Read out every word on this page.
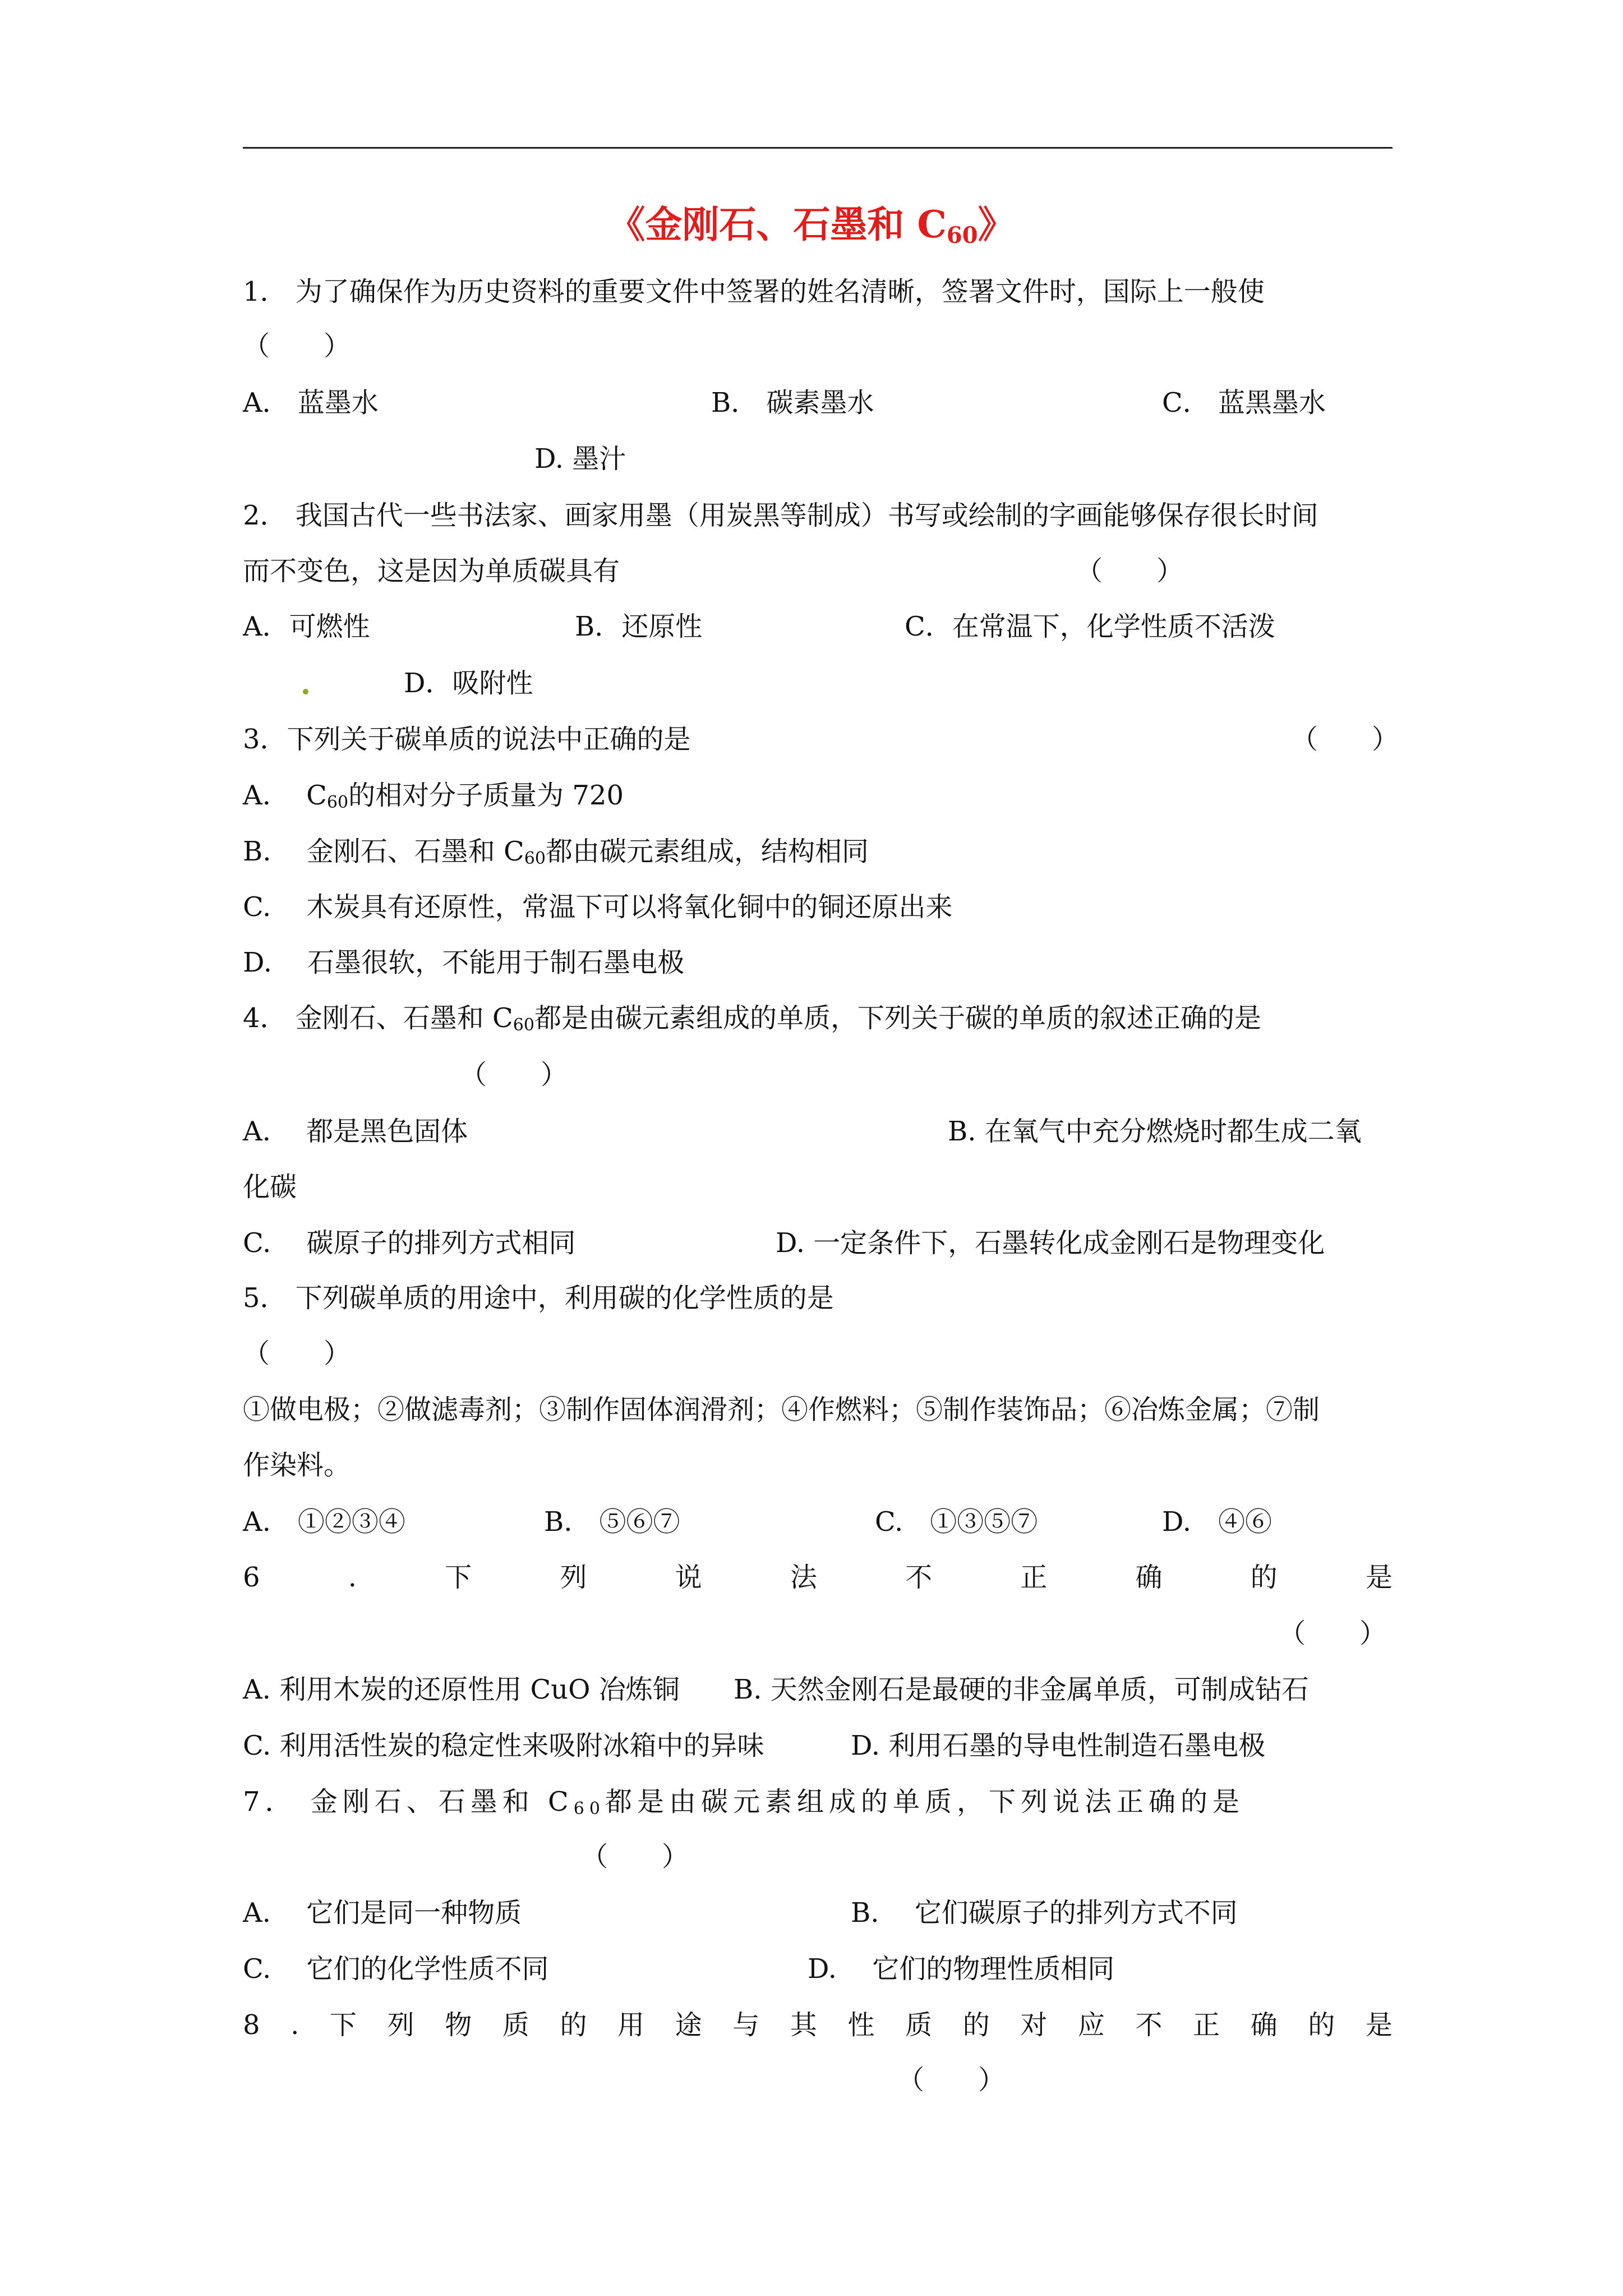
《金刚石、石墨和 $C_{60}$》
1． 为了确保作为历史资料的重要文件中签署的姓名清晰，签署文件时，国际上一般使
（　　）
A． 蓝墨水	B． 碳素墨水	C． 蓝黑墨水
D. 墨汁
2． 我国古代一些书法家、画家用墨（用炭黑等制成）书写或绘制的字画能够保存很长时间
而不变色，这是因为单质碳具有	（　　）
A．可燃性	B．还原性	C．在常温下，化学性质不活泼
D．吸附性
3．下列关于碳单质的说法中正确的是	（　　）
A.　 $C_{60}$的相对分子质量为 720
B.　 金刚石、石墨和 $C_{60}$都由碳元素组成，结构相同
C.　 木炭具有还原性，常温下可以将氧化铜中的铜还原出来
D.　 石墨很软，不能用于制石墨电极
4． 金刚石、石墨和 $C_{60}$都是由碳元素组成的单质，下列关于碳的单质的叙述正确的是
（　　）
A.　 都是黑色固体	B. 在氧气中充分燃烧时都生成二氧
化碳
C.　 碳原子的排列方式相同	D. 一定条件下，石墨转化成金刚石是物理变化
5． 下列碳单质的用途中，利用碳的化学性质的是
（　　）
①做电极；②做滤毒剂；③制作固体润滑剂；④作燃料；⑤制作装饰品；⑥冶炼金属；⑦制
作染料。
A.　①②③④	B.　⑤⑥⑦	C.　①③⑤⑦	D.　④⑥
6	.	下	列	说	法	不	正	确	的	是
（　　）
A. 利用木炭的还原性用 CuO 冶炼铜 B. 天然金刚石是最硬的非金属单质，可制成钻石
C. 利用活性炭的稳定性来吸附冰箱中的异味	D. 利用石墨的导电性制造石墨电极
7． 金刚石、石墨和 $C_{60}$都是由碳元素组成的单质，下列说法正确的是
（　　）
A.　 它们是同一种物质	B.　 它们碳原子的排列方式不同
C.　 它们的化学性质不同	D.　 它们的物理性质相同
8 . 下 列 物 质 的 用 途 与 其 性 质 的 对 应 不 正 确 的 是
（　　）
